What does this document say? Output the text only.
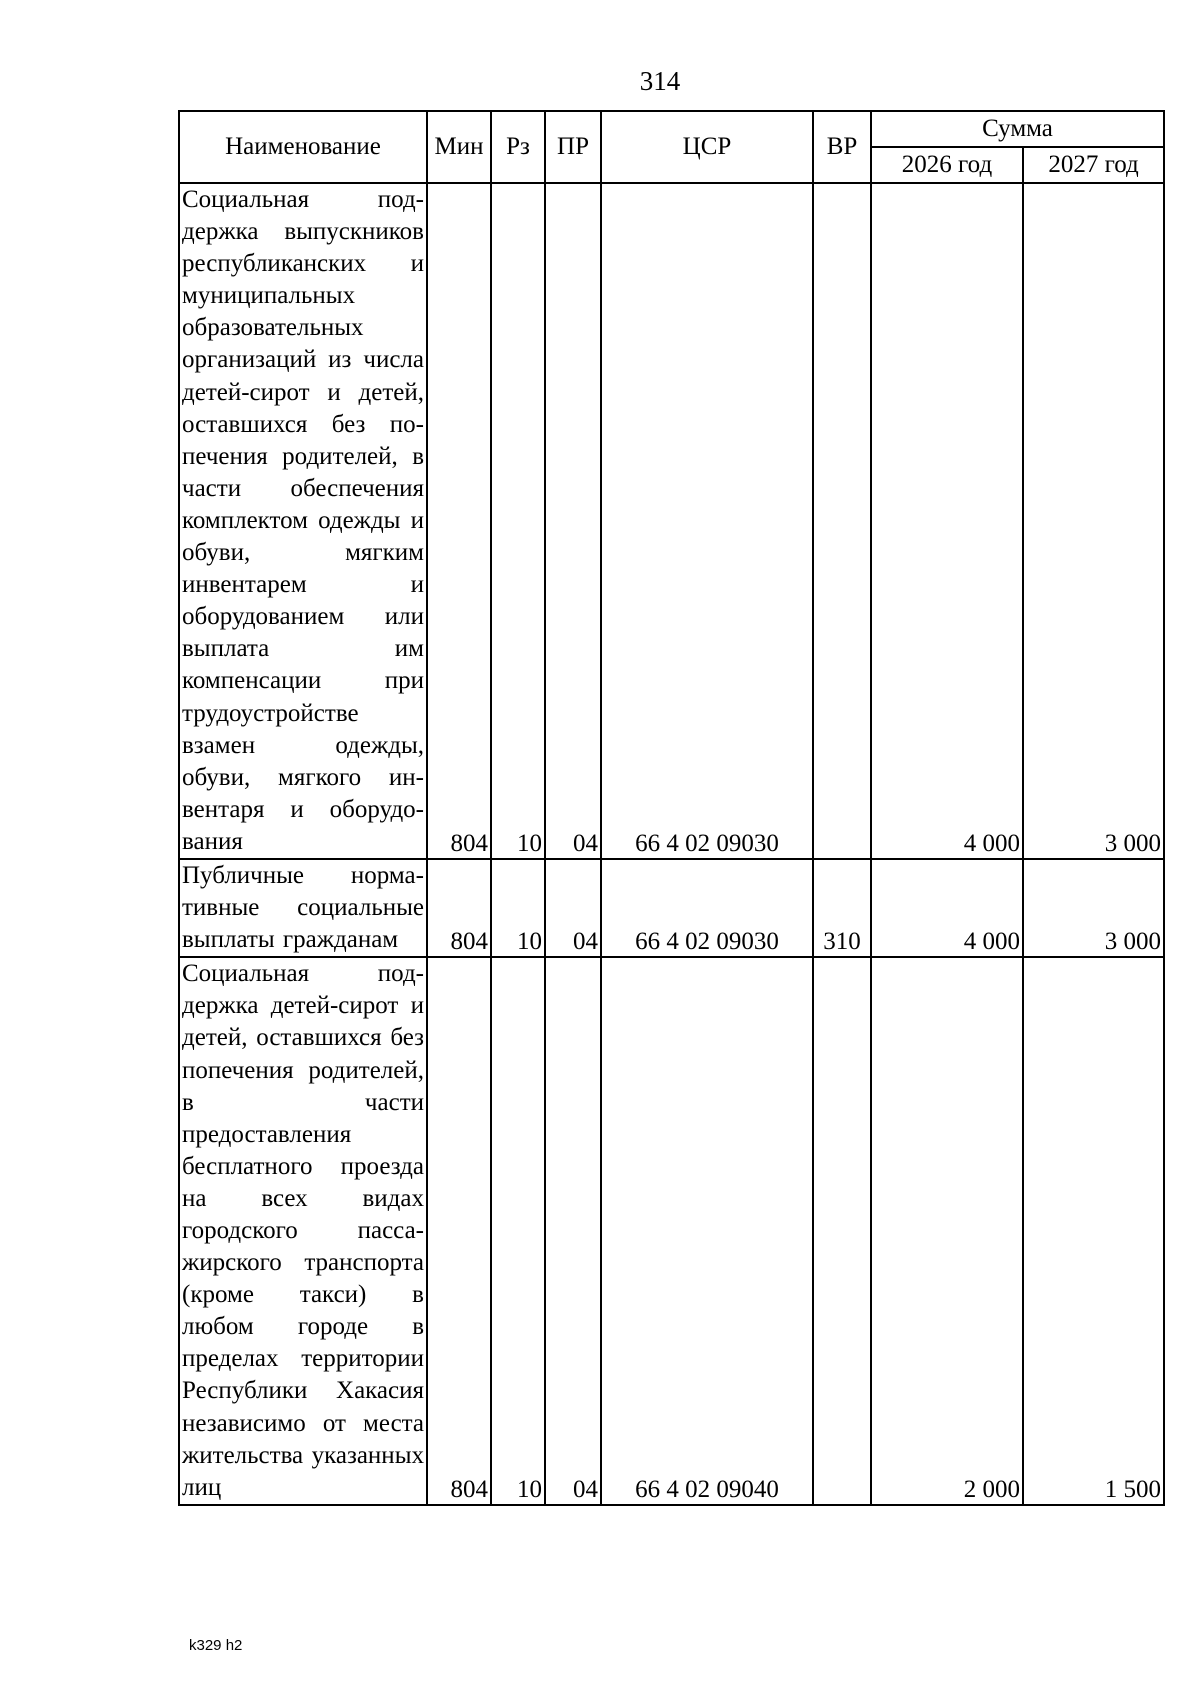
314
Наименование	Мин	Рз	ПР	ЦСР	ВР	Сумма	
						2026 год	2027 год
Социальная поддержка выпускников республиканских и муниципальных образовательных организаций из числа детей-сирот и детей, оставшихся без попечения родителей, в части обеспечения комплектом одежды и обуви, мягким инвентарем и оборудованием или выплата им компенсации при трудоустройстве взамен одежды, обуви, мягкого инвентаря и оборудования	804	10	04	66 4 02 09030		4 000	3 000
Публичные нормативные социальные выплаты гражданам	804	10	04	66 4 02 09030	310	4 000	3 000
Социальная поддержка детей-сирот и детей, оставшихся без попечения родителей, в части предоставления бесплатного проезда на всех видах городского пассажирского транспорта (кроме такси) в любом городе в пределах территории Республики Хакасия независимо от места жительства указанных лиц	804	10	04	66 4 02 09040		2 000	1 500
k329 h2
